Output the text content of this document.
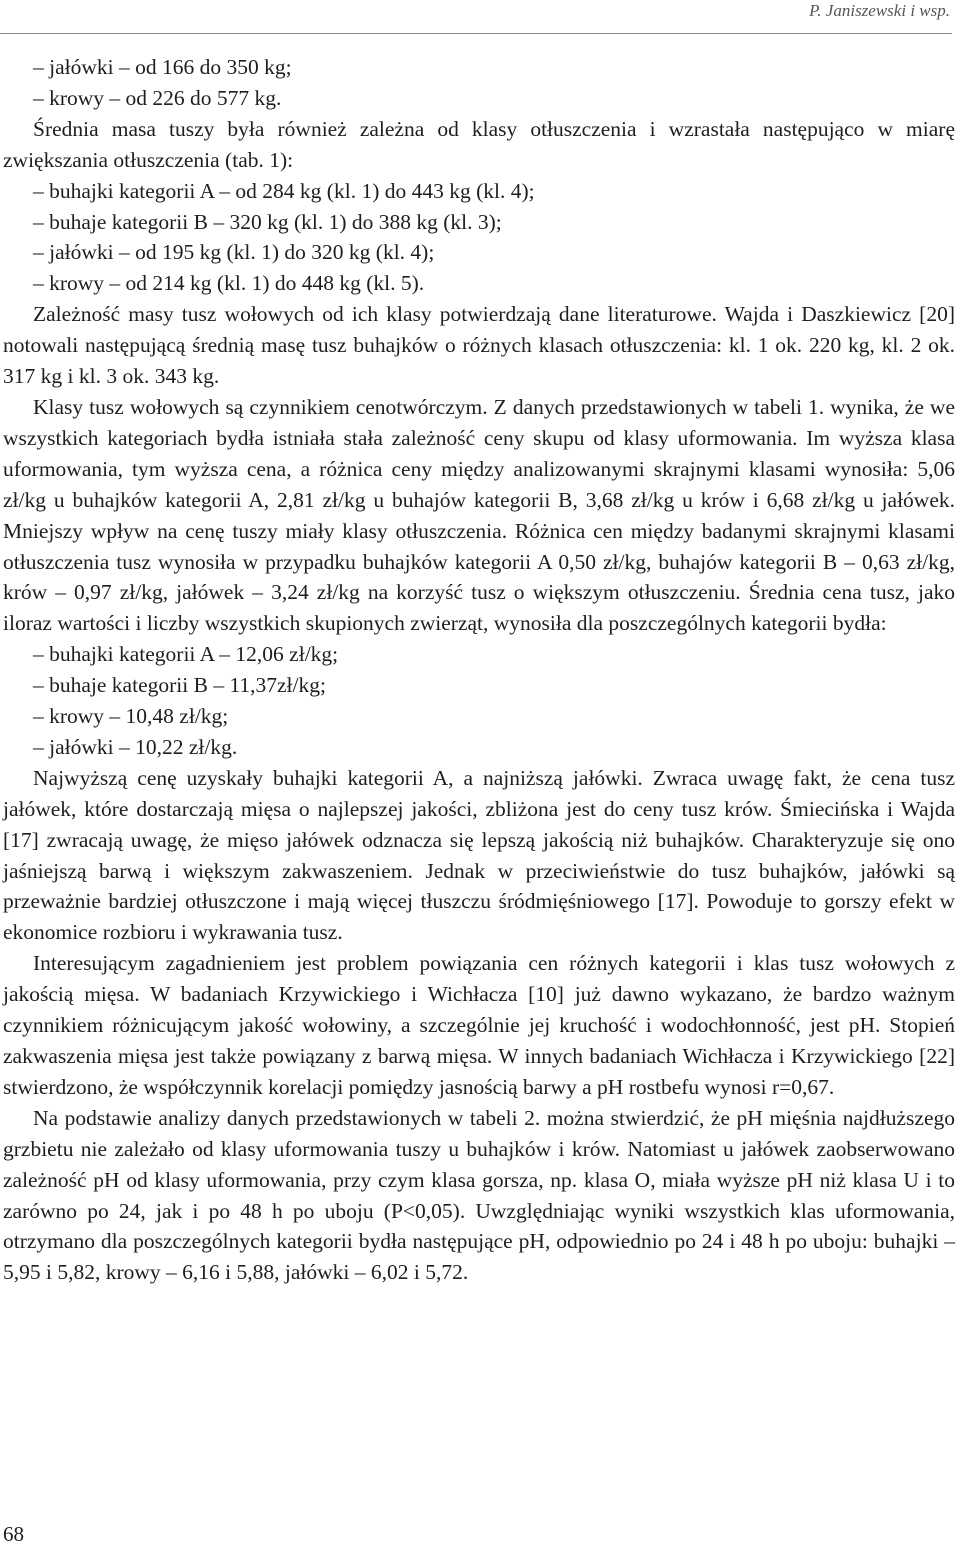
P. Janiszewski i wsp.

– jałówki – od 166 do 350 kg;

– krowy – od 226 do 577 kg.

Średnia masa tuszy była również zależna od klasy otłuszczenia i wzrastała następująco w miarę zwiększania otłuszczenia (tab. 1):

– buhajki kategorii A – od 284 kg (kl. 1) do 443 kg (kl. 4);

– buhaje kategorii B – 320 kg (kl. 1) do 388 kg (kl. 3);

– jałówki – od 195 kg (kl. 1) do 320 kg (kl. 4);

– krowy – od 214 kg (kl. 1) do 448 kg (kl. 5).

Zależność masy tusz wołowych od ich klasy potwierdzają dane literaturowe. Wajda i Daszkiewicz [20] notowali następującą średnią masę tusz buhajków o różnych klasach otłuszczenia: kl. 1 ok. 220 kg, kl. 2 ok. 317 kg i kl. 3 ok. 343 kg.

Klasy tusz wołowych są czynnikiem cenotwórczym. Z danych przedstawionych w tabeli 1. wynika, że we wszystkich kategoriach bydła istniała stała zależność ceny skupu od klasy uformowania. Im wyższa klasa uformowania, tym wyższa cena, a różnica ceny między analizowanymi skrajnymi klasami wynosiła: 5,06 zł/kg u buhajków kategorii A, 2,81 zł/kg u buhajów kategorii B, 3,68 zł/kg u krów i 6,68 zł/kg u jałówek. Mniejszy wpływ na cenę tuszy miały klasy otłuszczenia. Różnica cen między badanymi skrajnymi klasami otłuszczenia tusz wynosiła w przypadku buhajków kategorii A 0,50 zł/kg, buhajów kategorii B – 0,63 zł/kg, krów – 0,97 zł/kg, jałówek – 3,24 zł/kg na korzyść tusz o większym otłuszczeniu. Średnia cena tusz, jako iloraz wartości i liczby wszystkich skupionych zwierząt, wynosiła dla poszczególnych kategorii bydła:

– buhajki kategorii A – 12,06 zł/kg;

– buhaje kategorii B – 11,37zł/kg;

– krowy – 10,48 zł/kg;

– jałówki – 10,22 zł/kg.

Najwyższą cenę uzyskały buhajki kategorii A, a najniższą jałówki. Zwraca uwagę fakt, że cena tusz jałówek, które dostarczają mięsa o najlepszej jakości, zbliżona jest do ceny tusz krów. Śmiecińska i Wajda [17] zwracają uwagę, że mięso jałówek odznacza się lepszą jakością niż buhajków. Charakteryzuje się ono jaśniejszą barwą i większym zakwaszeniem. Jednak w przeciwieństwie do tusz buhajków, jałówki są przeważnie bardziej otłuszczone i mają więcej tłuszczu śródmięśniowego [17]. Powoduje to gorszy efekt w ekonomice rozbioru i wykrawania tusz.

Interesującym zagadnieniem jest problem powiązania cen różnych kategorii i klas tusz wołowych z jakością mięsa. W badaniach Krzywickiego i Wichłacza [10] już dawno wykazano, że bardzo ważnym czynnikiem różnicującym jakość wołowiny, a szczególnie jej kruchość i wodochłonność, jest pH. Stopień zakwaszenia mięsa jest także powiązany z barwą mięsa. W innych badaniach Wichłacza i Krzywickiego [22] stwierdzono, że współczynnik korelacji pomiędzy jasnością barwy a pH rostbefu wynosi r=0,67.

Na podstawie analizy danych przedstawionych w tabeli 2. można stwierdzić, że pH mięśnia najdłuższego grzbietu nie zależało od klasy uformowania tuszy u buhajków i krów. Natomiast u jałówek zaobserwowano zależność pH od klasy uformowania, przy czym klasa gorsza, np. klasa O, miała wyższe pH niż klasa U i to zarówno po 24, jak i po 48 h po uboju (P<0,05). Uwzględniając wyniki wszystkich klas uformowania, otrzymano dla poszczególnych kategorii bydła następujące pH, odpowiednio po 24 i 48 h po uboju: buhajki – 5,95 i 5,82, krowy – 6,16 i 5,88, jałówki – 6,02 i 5,72.

68
